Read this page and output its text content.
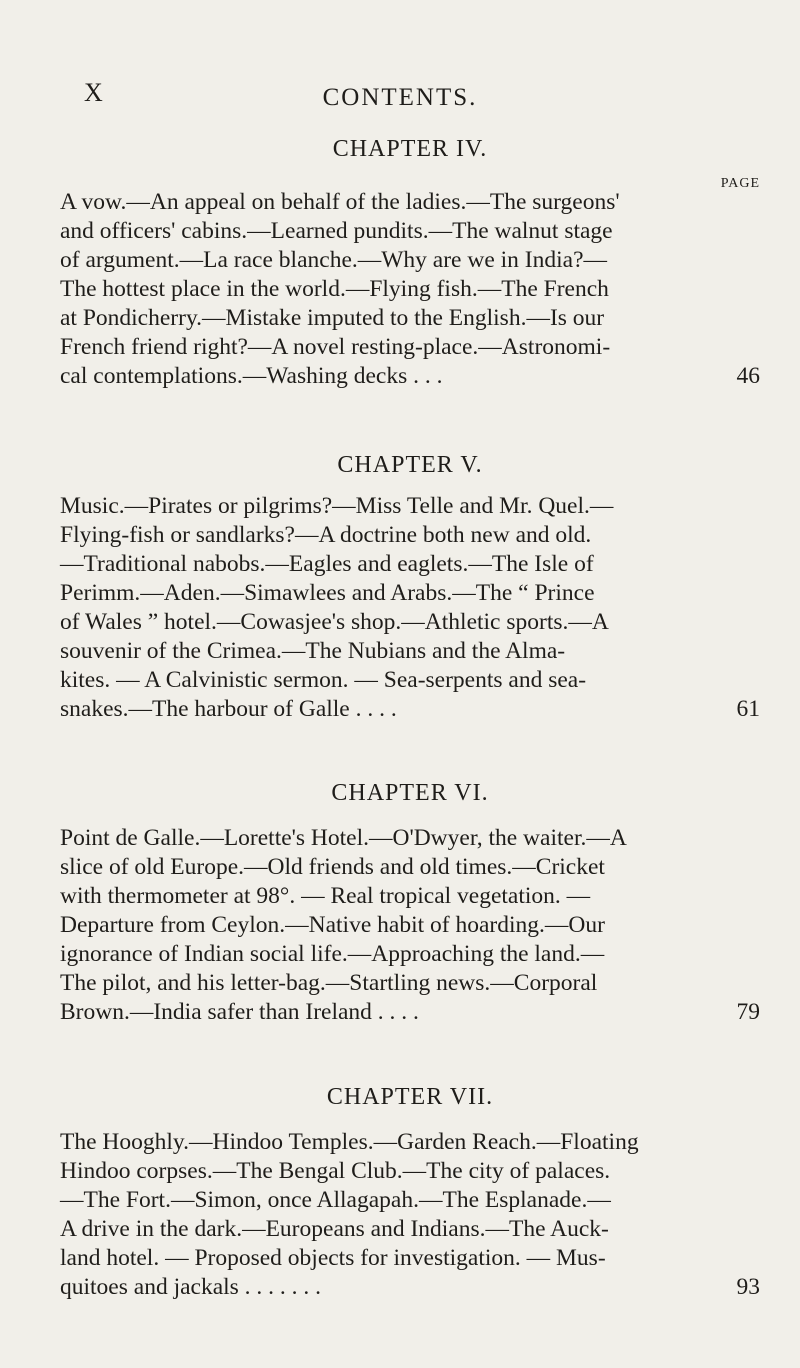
X	CONTENTS.
CHAPTER IV.
PAGE
A vow.—An appeal on behalf of the ladies.—The surgeons'
and officers' cabins.—Learned pundits.—The walnut stage
of argument.—La race blanche.—Why are we in India?—
The hottest place in the world.—Flying fish.—The French
at Pondicherry.—Mistake imputed to the English.—Is our
French friend right?—A novel resting-place.—Astronomi-
cal contemplations.—Washing decks . . .	46
CHAPTER V.
Music.—Pirates or pilgrims?—Miss Telle and Mr. Quel.—
Flying-fish or sandlarks?—A doctrine both new and old.
—Traditional nabobs.—Eagles and eaglets.—The Isle of
Perimm.—Aden.—Simawlees and Arabs.—The “ Prince
of Wales ” hotel.—Cowasjee's shop.—Athletic sports.—A
souvenir of the Crimea.—The Nubians and the Alma-
kites. — A Calvinistic sermon. — Sea-serpents and sea-
snakes.—The harbour of Galle . . . .	61
CHAPTER VI.
Point de Galle.—Lorette's Hotel.—O'Dwyer, the waiter.—A
slice of old Europe.—Old friends and old times.—Cricket
with thermometer at 98°. — Real tropical vegetation. —
Departure from Ceylon.—Native habit of hoarding.—Our
ignorance of Indian social life.—Approaching the land.—
The pilot, and his letter-bag.—Startling news.—Corporal
Brown.—India safer than Ireland . . . .	79
CHAPTER VII.
The Hooghly.—Hindoo Temples.—Garden Reach.—Floating
Hindoo corpses.—The Bengal Club.—The city of palaces.
—The Fort.—Simon, once Allagapah.—The Esplanade.—
A drive in the dark.—Europeans and Indians.—The Auck-
land hotel. — Proposed objects for investigation. — Mus-
quitoes and jackals . . . . . . .	93
